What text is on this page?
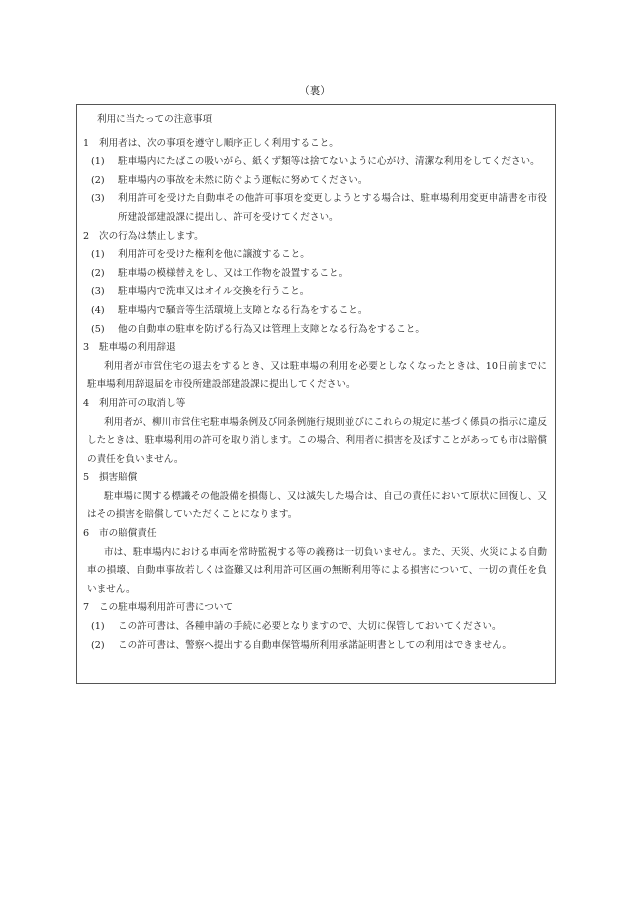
（裏）
利用に当たっての注意事項
1	利用者は、次の事項を遵守し順序正しく利用すること。
(1)	駐車場内にたばこの吸いがら、紙くず類等は捨てないように心がけ、清潔な利用をしてください。
(2)	駐車場内の事故を未然に防ぐよう運転に努めてください。
(3)	利用許可を受けた自動車その他許可事項を変更しようとする場合は、駐車場利用変更申請書を市役所建設部建設課に提出し、許可を受けてください。
2	次の行為は禁止します。
(1)	利用許可を受けた権利を他に譲渡すること。
(2)	駐車場の模様替えをし、又は工作物を設置すること。
(3)	駐車場内で洗車又はオイル交換を行うこと。
(4)	駐車場内で騒音等生活環境上支障となる行為をすること。
(5)	他の自動車の駐車を防げる行為又は管理上支障となる行為をすること。
3	駐車場の利用辞退
利用者が市営住宅の退去をするとき、又は駐車場の利用を必要としなくなったときは、10日前までに駐車場利用辞退届を市役所建設部建設課に提出してください。
4	利用許可の取消し等
利用者が、柳川市営住宅駐車場条例及び同条例施行規則並びにこれらの規定に基づく係員の指示に違反したときは、駐車場利用の許可を取り消します。この場合、利用者に損害を及ぼすことがあっても市は賠償の責任を負いません。
5	損害賠償
駐車場に関する標識その他設備を損傷し、又は滅失した場合は、自己の責任において原状に回復し、又はその損害を賠償していただくことになります。
6	市の賠償責任
市は、駐車場内における車両を常時監視する等の義務は一切負いません。また、天災、火災による自動車の損壊、自動車事故若しくは盗難又は利用許可区画の無断利用等による損害について、一切の責任を負いません。
7	この駐車場利用許可書について
(1)	この許可書は、各種申請の手続に必要となりますので、大切に保管しておいてください。
(2)	この許可書は、警察へ提出する自動車保管場所利用承諾証明書としての利用はできません。
